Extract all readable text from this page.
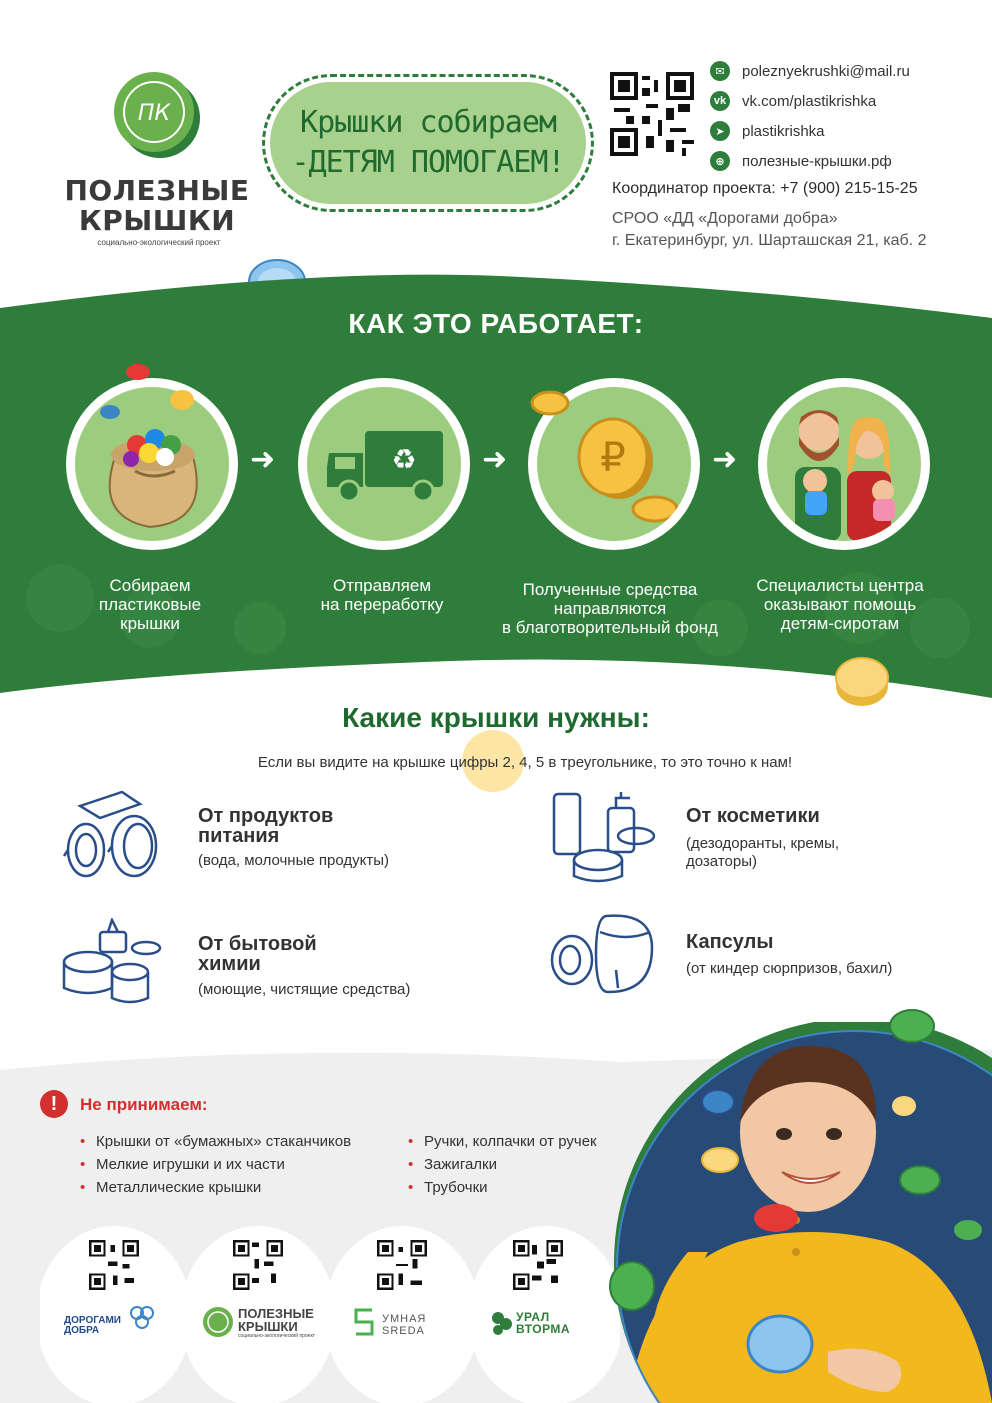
ПК
ПОЛЕЗНЫЕ
КРЫШКИ
социально-экологический проект
Крышки собираем
-ДЕТЯМ ПОМОГАЕМ!
✉	poleznyekrushki@mail.ru
vk vk.com/plastikrishka
➤	plastikrishka
⊕	полезные-крышки.рф
Координатор проекта: +7 (900) 215-15-25
СРОО «ДД «Дорогами добра»
г. Екатеринбург, ул. Шарташская 21, каб. 2
КАК ЭТО РАБОТАЕТ:
Собираем
пластиковые
крышки
➜	♻
Отправляем
на переработку
➜ ₽
Полученные средства
направляются
в благотворительный фонд
➜
Специалисты центра
оказывают помощь
детям-сиротам
Какие крышки нужны:
Если вы видите на крышке цифры 2, 4, 5 в треугольнике, то это точно к нам!
От продуктов
питания
(вода, молочные продукты)
От косметики
(дезодоранты, кремы,
дозаторы)
От бытовой
химии
(моющие, чистящие средства)
Капсулы
(от киндер сюрпризов, бахил)
!	Не принимаем:
• Крышки от «бумажных» стаканчиков
• Мелкие игрушки и их части
• Металлические крышки
• Ручки, колпачки от ручек
• Зажигалки
• Трубочки
ДОРОГАМИ
ДОБРА
ПОЛЕЗНЫЕ
КРЫШКИ
социально-экологический проект
УМНАЯ
SREDA
УРАЛ
ВТОРМА
